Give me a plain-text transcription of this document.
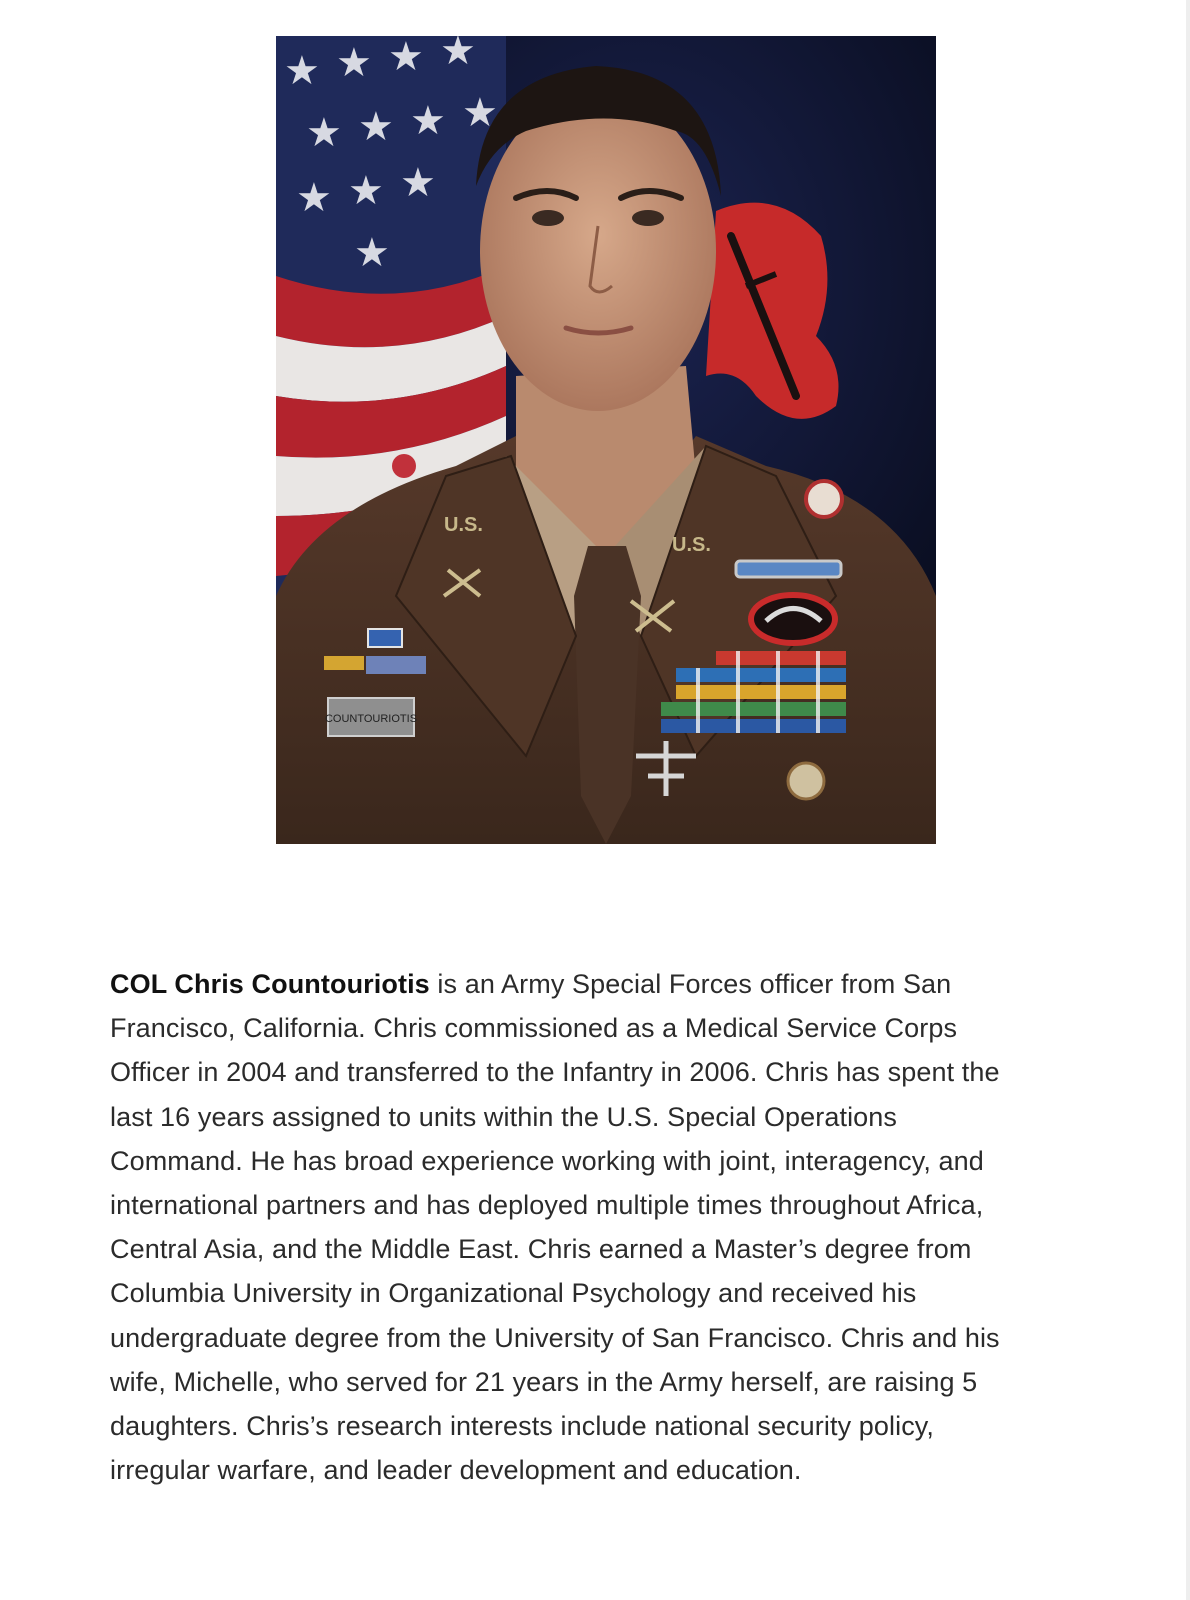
★ ★ ★ ★
★ ★ ★ ★
★ ★ ★
★
U.S.
U.S.
COUNTOURIOTIS
COL Chris Countouriotis is an Army Special Forces officer from San
Francisco, California. Chris commissioned as a Medical Service Corps
Officer in 2004 and transferred to the Infantry in 2006. Chris has spent the
last 16 years assigned to units within the U.S. Special Operations
Command. He has broad experience working with joint, interagency, and
international partners and has deployed multiple times throughout Africa,
Central Asia, and the Middle East. Chris earned a Master’s degree from
Columbia University in Organizational Psychology and received his
undergraduate degree from the University of San Francisco. Chris and his
wife, Michelle, who served for 21 years in the Army herself, are raising 5
daughters. Chris’s research interests include national security policy,
irregular warfare, and leader development and education.
